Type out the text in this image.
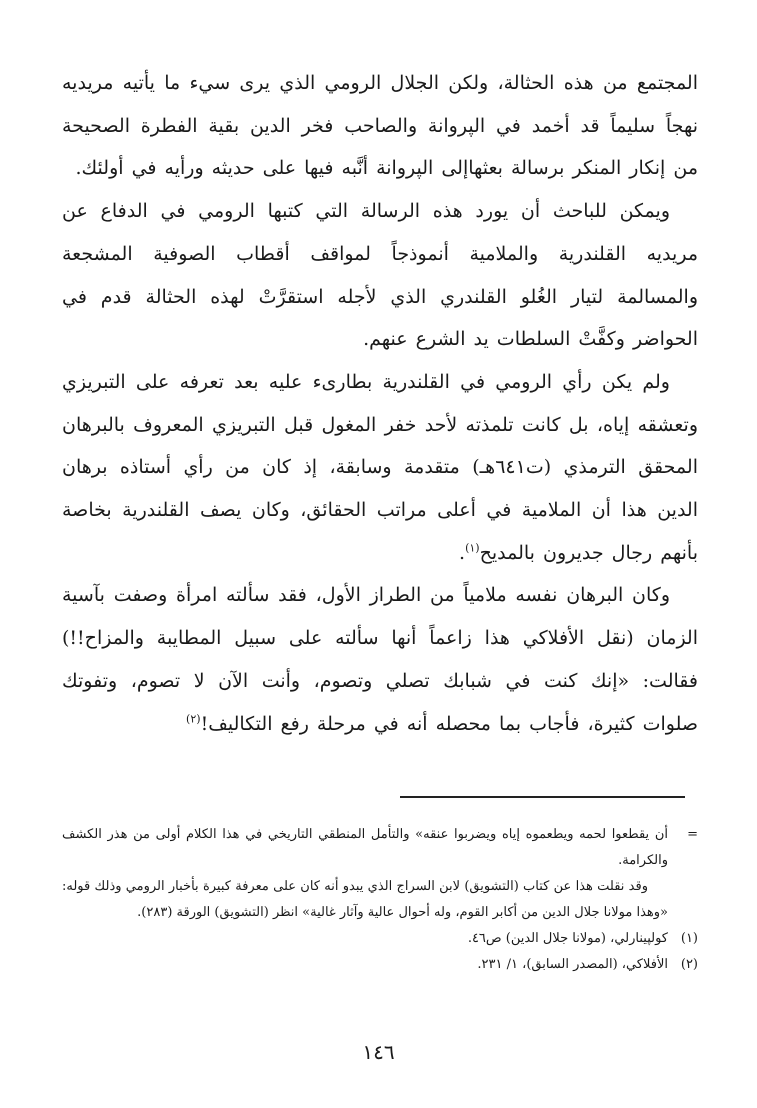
المجتمع من هذه الحثالة، ولكن الجلال الرومي الذي يرى سيء ما يأتيه مريديه نهجاً سليماً قد أخمد في الپروانة والصاحب فخر الدين بقية الفطرة الصحيحة من إنكار المنكر برسالة بعثهاإلى الپروانة أنَّبه فيها على حديثه ورأيه في أولئك.

ويمكن للباحث أن يورد هذه الرسالة التي كتبها الرومي في الدفاع عن مريديه القلندرية والملامية أنموذجاً لمواقف أقطاب الصوفية المشجعة والمسالمة لتيار الغُلو القلندري الذي لأجله استقرَّتْ لهذه الحثالة قدم في الحواضر وكفَّتْ السلطات يد الشرع عنهم.

ولم يكن رأي الرومي في القلندرية بطارىء عليه بعد تعرفه على التبريزي وتعشقه إياه، بل كانت تلمذته لأحد خفر المغول قبل التبريزي المعروف بالبرهان المحقق الترمذي (ت٦٤١هـ) متقدمة وسابقة، إذ كان من رأي أستاذه برهان الدين هذا أن الملامية في أعلى مراتب الحقائق، وكان يصف القلندرية بخاصة بأنهم رجال جديرون بالمديح$^{(١)}$.

وكان البرهان نفسه ملامياً من الطراز الأول، فقد سألته امرأة وصفت بآسية الزمان (نقل الأفلاكي هذا زاعماً أنها سألته على سبيل المطايبة والمزاح!!) فقالت: «إنك كنت في شبابك تصلي وتصوم، وأنت الآن لا تصوم، وتفوتك صلوات كثيرة، فأجاب بما محصله أنه في مرحلة رفع التكاليف!$^{(٢)}$

=

أن يقطعوا لحمه ويطعموه إياه ويضربوا عنقه» والتأمل المنطقي التاريخي في هذا الكلام أولى من هذر الكشف والكرامة.

وقد نقلت هذا عن كتاب (التشويق) لابن السراج الذي يبدو أنه كان على معرفة كبيرة بأخبار الرومي وذلك قوله: «وهذا مولانا جلال الدين من أكابر القوم، وله أحوال عالية وآثار غالية» انظر (التشويق) الورقة (٢٨٣).

(١)
كولپينارلي، (مولانا جلال الدين) ص٤٦.
(٢)
الأفلاكي، (المصدر السابق)، ١/ ٢٣١.
١٤٦
